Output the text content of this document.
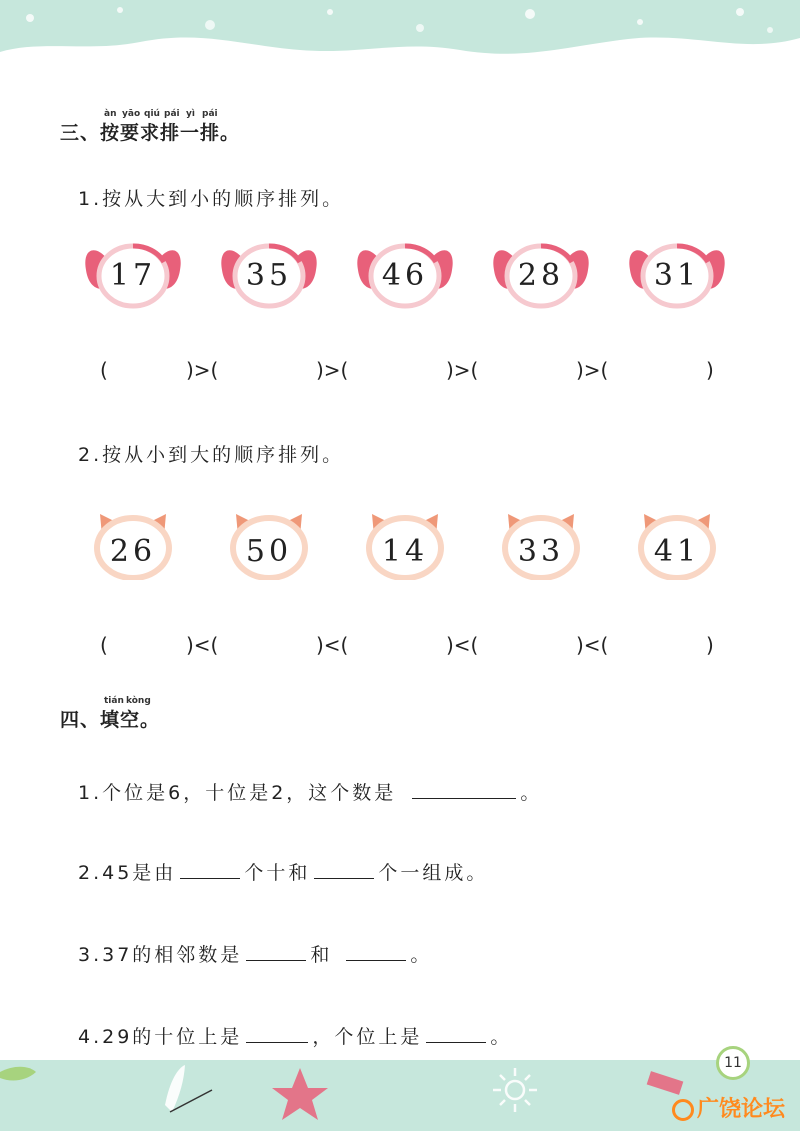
àn yāo qiú pái yì pái
三、按要求排一排。
1.按从大到小的顺序排列。
17	35	46	28	31
(	)>(	)>(	)>(	)>(	)
2.按从小到大的顺序排列。
26	50	14	33	41
(	)<(	)<(	)<(	)<(	)
tián kòng
四、填空。
1.个位是6，十位是2，这个数是	。
2.45是由	个十和	个一组成。
3.37的相邻数是	和	。
4.29的十位上是	，个位上是	。
11
广饶论坛
